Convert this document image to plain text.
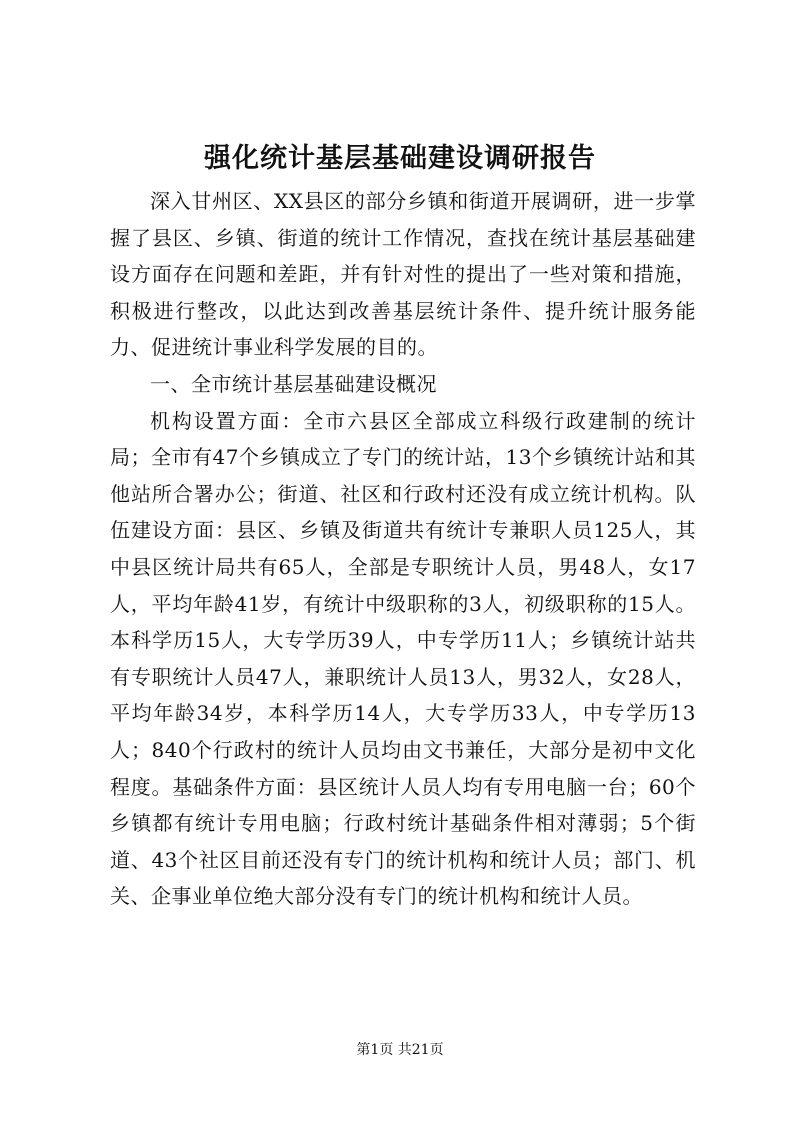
强化统计基层基础建设调研报告

深入甘州区、XX县区的部分乡镇和街道开展调研，进一步掌握了县区、乡镇、街道的统计工作情况，查找在统计基层基础建设方面存在问题和差距，并有针对性的提出了一些对策和措施，积极进行整改，以此达到改善基层统计条件、提升统计服务能力、促进统计事业科学发展的目的。

一、全市统计基层基础建设概况

机构设置方面：全市六县区全部成立科级行政建制的统计局；全市有47个乡镇成立了专门的统计站，13个乡镇统计站和其他站所合署办公；街道、社区和行政村还没有成立统计机构。队伍建设方面：县区、乡镇及街道共有统计专兼职人员125人，其中县区统计局共有65人，全部是专职统计人员，男48人，女17人，平均年龄41岁，有统计中级职称的3人，初级职称的15人。本科学历15人，大专学历39人，中专学历11人；乡镇统计站共有专职统计人员47人，兼职统计人员13人，男32人，女28人，平均年龄34岁，本科学历14人，大专学历33人，中专学历13人；840个行政村的统计人员均由文书兼任，大部分是初中文化程度。基础条件方面：县区统计人员人均有专用电脑一台；60个乡镇都有统计专用电脑；行政村统计基础条件相对薄弱；5个街道、43个社区目前还没有专门的统计机构和统计人员；部门、机关、企事业单位绝大部分没有专门的统计机构和统计人员。

第1页 共21页
